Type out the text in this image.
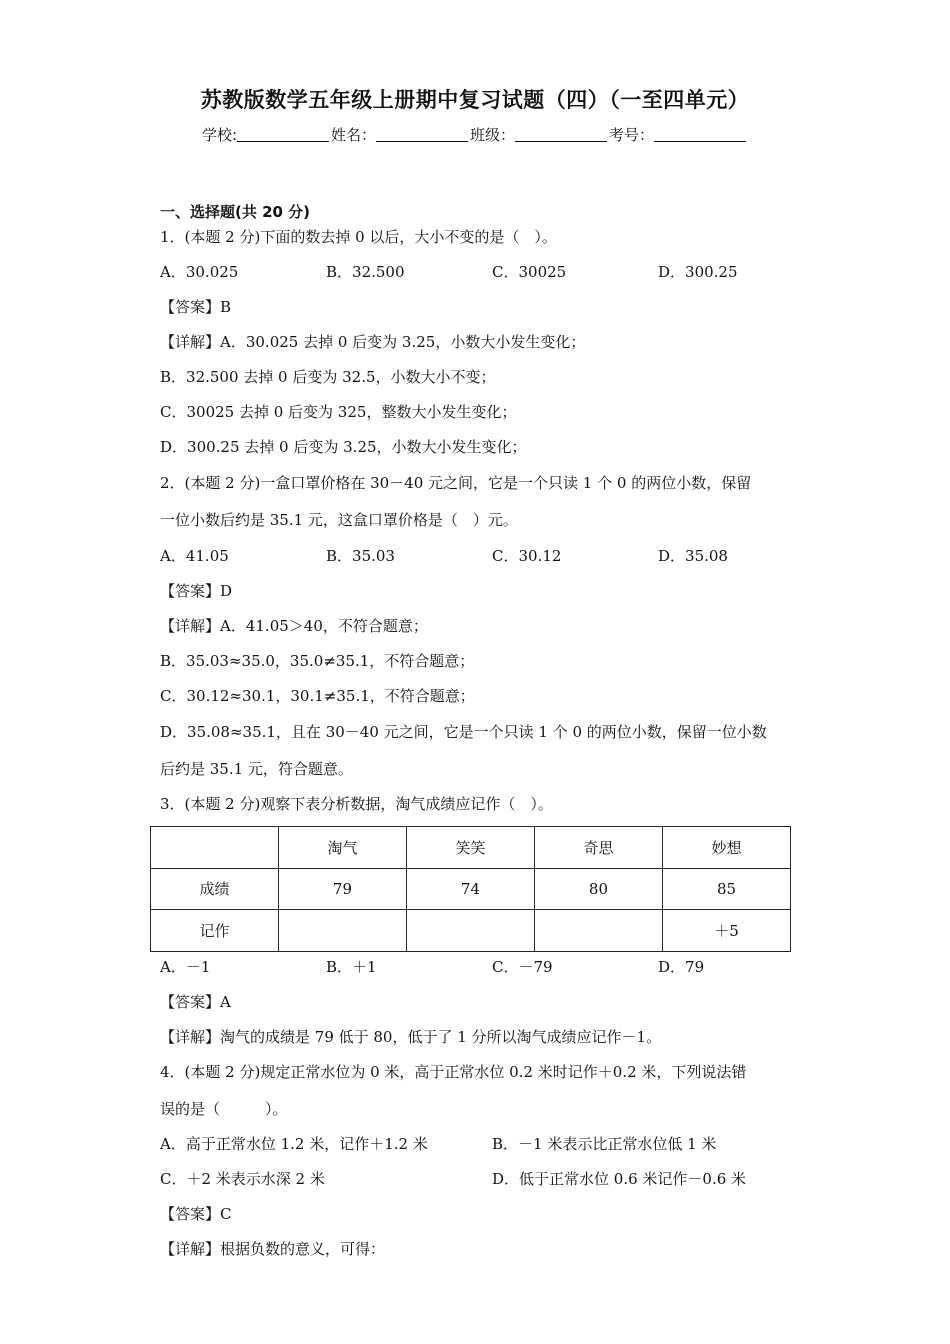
苏教版数学五年级上册期中复习试题（四）（一至四单元）
学校:	姓名：	班级：	考号：
一、选择题(共 20 分)
1．(本题 2 分)下面的数去掉 0 以后，大小不变的是（　）。
A．30.025	B．32.500	C．30025	D．300.25
【答案】B
【详解】A．30.025 去掉 0 后变为 3.25，小数大小发生变化；
B．32.500 去掉 0 后变为 32.5，小数大小不变；
C．30025 去掉 0 后变为 325，整数大小发生变化；
D．300.25 去掉 0 后变为 3.25，小数大小发生变化；
2．(本题 2 分)一盒口罩价格在 30－40 元之间，它是一个只读 1 个 0 的两位小数，保留
一位小数后约是 35.1 元，这盒口罩价格是（　）元。
A．41.05	B．35.03	C．30.12	D．35.08
【答案】D
【详解】A．41.05＞40，不符合题意；
B．35.03≈35.0，35.0≠35.1，不符合题意；
C．30.12≈30.1，30.1≠35.1，不符合题意；
D．35.08≈35.1，且在 30－40 元之间，它是一个只读 1 个 0 的两位小数，保留一位小数
后约是 35.1 元，符合题意。
3．(本题 2 分)观察下表分析数据，淘气成绩应记作（　）。
	淘气	笑笑	奇思	妙想
成绩	79	74	80	85
记作				＋5
A．－1	B．＋1	C．－79	D．79
【答案】A
【详解】淘气的成绩是 79 低于 80，低于了 1 分所以淘气成绩应记作－1。
4．(本题 2 分)规定正常水位为 0 米，高于正常水位 0.2 米时记作＋0.2 米，下列说法错
误的是（　　　）。
A．高于正常水位 1.2 米，记作＋1.2 米	B．－1 米表示比正常水位低 1 米
C．＋2 米表示水深 2 米	D．低于正常水位 0.6 米记作－0.6 米
【答案】C
【详解】根据负数的意义，可得：
